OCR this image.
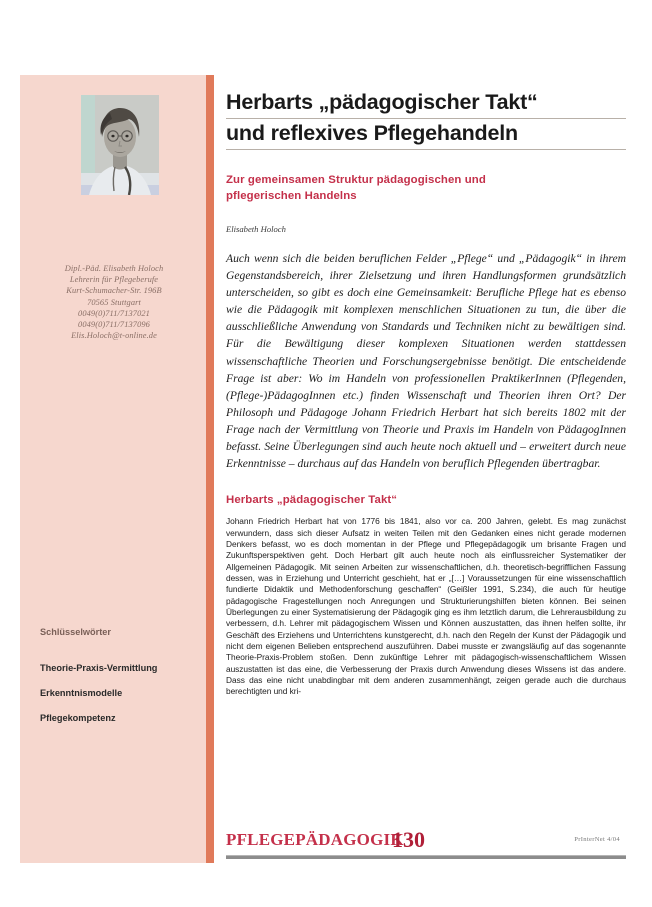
Dipl.-Päd. Elisabeth Holoch
Lehrerin für Pflegeberufe
Kurt-Schumacher-Str. 196B
70565 Stuttgart
0049(0)711/7137021
0049(0)711/7137096
Elis.Holoch@t-online.de
Schlüsselwörter
Theorie-Praxis-Vermittlung
Erkenntnismodelle
Pflegekompetenz
Herbarts „pädagogischer Takt“
und reflexives Pflegehandeln
Zur gemeinsamen Struktur pädagogischen und
pflegerischen Handelns
Elisabeth Holoch
Auch wenn sich die beiden beruflichen Felder „Pflege“ und „Pädagogik“ in ihrem Gegenstandsbereich, ihrer Zielsetzung und ihren Handlungsformen grundsätzlich unterscheiden, so gibt es doch eine Gemeinsamkeit: Berufliche Pflege hat es ebenso wie die Pädagogik mit komplexen menschlichen Situationen zu tun, die über die ausschließliche Anwendung von Standards und Techniken nicht zu bewältigen sind. Für die Bewältigung dieser komplexen Situationen werden stattdessen wissenschaftliche Theorien und Forschungsergebnisse benötigt. Die entscheidende Frage ist aber: Wo im Handeln von professionellen PraktikerInnen (Pflegenden, (Pflege-)PädagogInnen etc.) finden Wissenschaft und Theorien ihren Ort? Der Philosoph und Pädagoge Johann Friedrich Herbart hat sich bereits 1802 mit der Frage nach der Vermittlung von Theorie und Praxis im Handeln von PädagogInnen befasst. Seine Überlegungen sind auch heute noch aktuell und – erweitert durch neue Erkenntnisse – durchaus auf das Handeln von beruflich Pflegenden übertragbar.
Herbarts „pädagogischer Takt“
Johann Friedrich Herbart hat von 1776 bis 1841, also vor ca. 200 Jahren, gelebt. Es mag zunächst verwundern, dass sich dieser Aufsatz in weiten Teilen mit den Gedanken eines nicht gerade modernen Denkers befasst, wo es doch momentan in der Pflege und Pflegepädagogik um brisante Fragen und Zukunftsperspektiven geht. Doch Herbart gilt auch heute noch als einflussreicher Systematiker der Allgemeinen Pädagogik. Mit seinen Arbeiten zur wissenschaftlichen, d.h. theoretisch-begrifflichen Fassung dessen, was in Erziehung und Unterricht geschieht, hat er „[…] Voraussetzungen für eine wissenschaftlich fundierte Didaktik und Methodenforschung geschaffen“ (Geißler 1991, S.234), die auch für heutige pädagogische Fragestellungen noch Anregungen und Strukturierungshilfen bieten können. Bei seinen Überlegungen zu einer Systematisierung der Pädagogik ging es ihm letztlich darum, die Lehrerausbildung zu verbessern, d.h. Lehrer mit pädagogischem Wissen und Können auszustatten, das ihnen helfen sollte, ihr Geschäft des Erziehens und Unterrichtens kunstgerecht, d.h. nach den Regeln der Kunst der Pädagogik und nicht dem eigenen Belieben entsprechend auszuführen. Dabei musste er zwangsläufig auf das sogenannte Theorie-Praxis-Problem stoßen. Denn zukünftige Lehrer mit pädagogisch-wissenschaftlichem Wissen auszustatten ist das eine, die Verbesserung der Praxis durch Anwendung dieses Wissens ist das andere. Dass das eine nicht unabdingbar mit dem anderen zusammenhängt, zeigen gerade auch die durchaus berechtigten und kri-
PFLEGEPÄDAGOGIK
130	PrInterNet 4/04
